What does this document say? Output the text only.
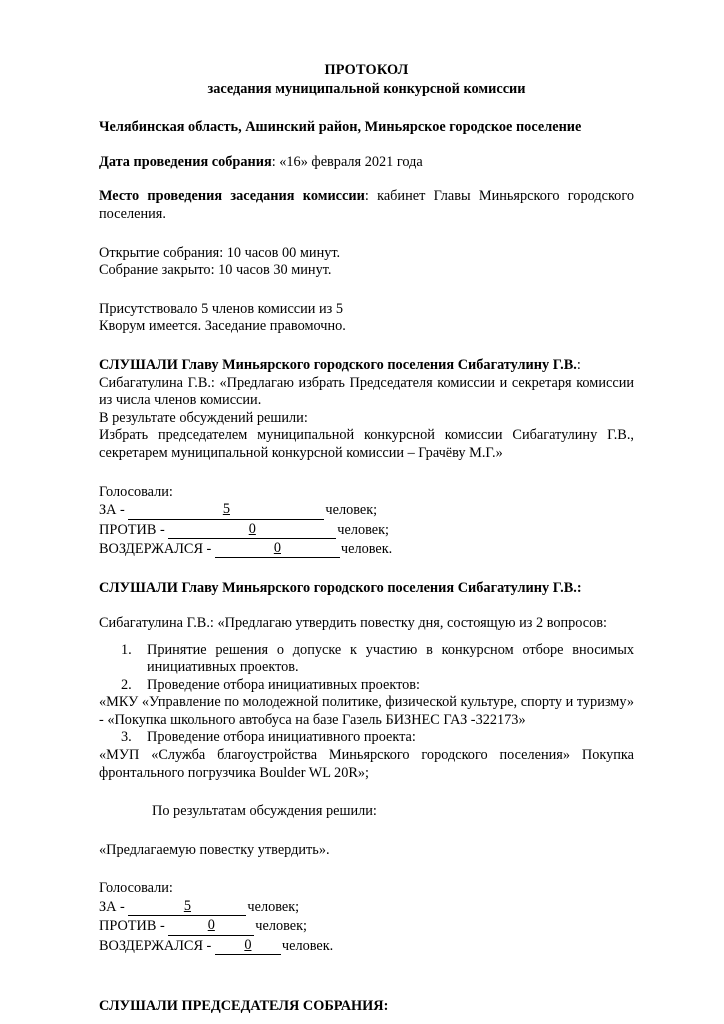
ПРОТОКОЛ
заседания муниципальной конкурсной комиссии

Челябинская область, Ашинский район, Миньярское городское поселение

Дата проведения собрания: «16» февраля 2021 года

Место проведения заседания комиссии: кабинет Главы Миньярского городского поселения.

Открытие собрания: 10 часов 00 минут.

Собрание закрыто: 10 часов 30 минут.

Присутствовало 5 членов комиссии из 5

Кворум имеется. Заседание правомочно.

СЛУШАЛИ Главу Миньярского городского поселения Сибагатулину Г.В.:

Сибагатулина Г.В.: «Предлагаю избрать Председателя комиссии и секретаря комиссии из числа членов комиссии.

В результате обсуждений решили:

Избрать председателем муниципальной конкурсной комиссии Сибагатулину Г.В., секретарем муниципальной конкурсной комиссии – Грачёву М.Г.»

Голосовали:
ЗА -	5	человек;
ПРОТИВ -	0	человек;
ВОЗДЕРЖАЛСЯ -	0	человек.

СЛУШАЛИ Главу Миньярского городского поселения Сибагатулину Г.В.:

Сибагатулина Г.В.: «Предлагаю утвердить повестку дня, состоящую из 2 вопросов:

1. Принятие решения о допуске к участию в конкурсном отборе вносимых инициативных проектов.
2. Проведение отбора инициативных проектов:

«МКУ «Управление по молодежной политике, физической культуре, спорту и туризму» - «Покупка школьного автобуса на базе Газель БИЗНЕС ГАЗ -322173»

3. Проведение отбора инициативного проекта:

«МУП «Служба благоустройства Миньярского городского поселения» Покупка фронтального погрузчика Boulder WL 20R»;

По результатам обсуждения решили:

«Предлагаемую повестку утвердить».

Голосовали:
ЗА -	5	человек;
ПРОТИВ -	0	человек;
ВОЗДЕРЖАЛСЯ - 0 человек.

СЛУШАЛИ ПРЕДСЕДАТЕЛЯ СОБРАНИЯ:
